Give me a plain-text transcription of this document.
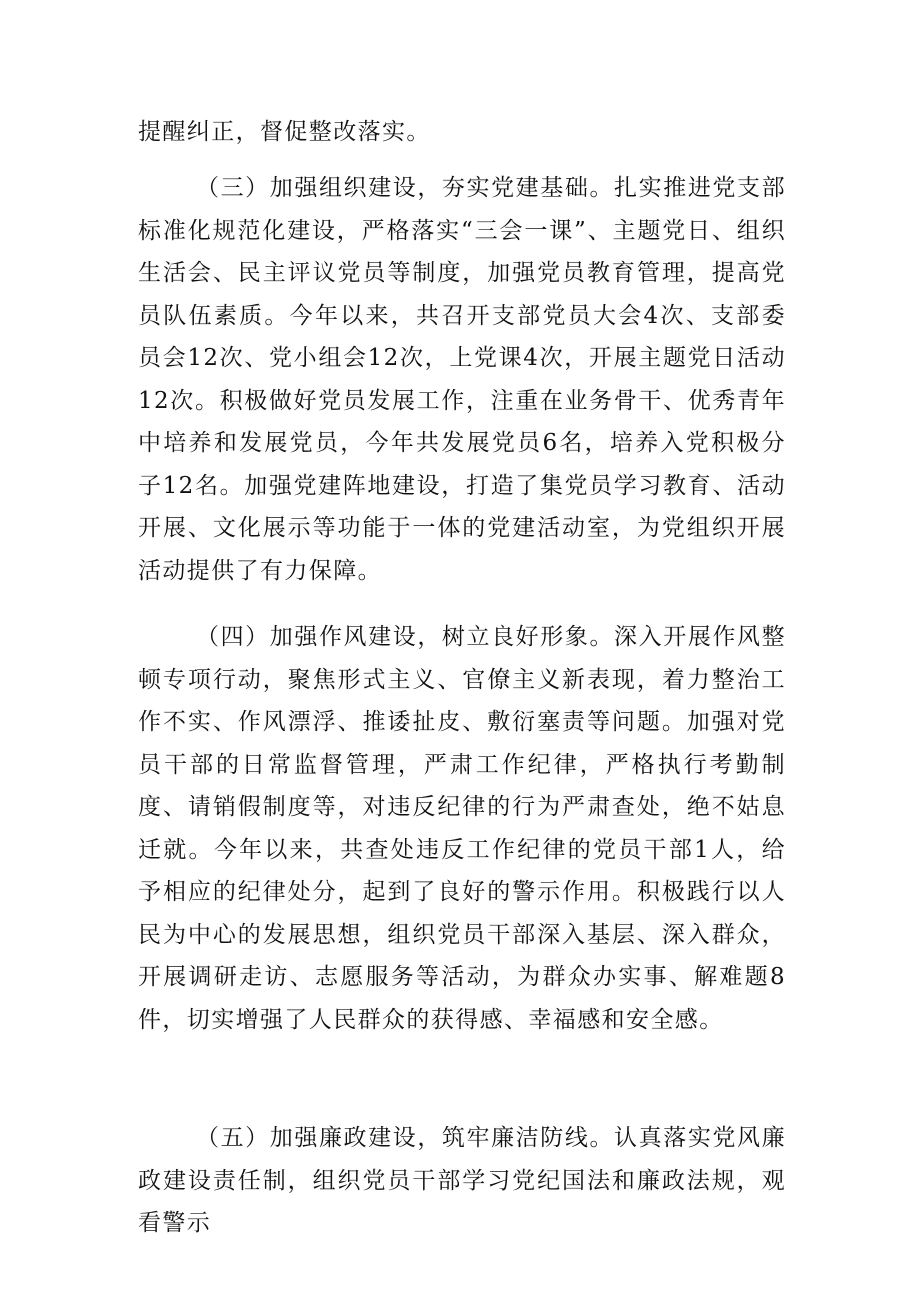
提醒纠正，督促整改落实。

（三）加强组织建设，夯实党建基础。扎实推进党支部标准化规范化建设，严格落实“三会一课”、主题党日、组织生活会、民主评议党员等制度，加强党员教育管理，提高党员队伍素质。今年以来，共召开支部党员大会4次、支部委员会12次、党小组会12次，上党课4次，开展主题党日活动12次。积极做好党员发展工作，注重在业务骨干、优秀青年中培养和发展党员，今年共发展党员6名，培养入党积极分子12名。加强党建阵地建设，打造了集党员学习教育、活动开展、文化展示等功能于一体的党建活动室，为党组织开展活动提供了有力保障。

（四）加强作风建设，树立良好形象。深入开展作风整顿专项行动，聚焦形式主义、官僚主义新表现，着力整治工作不实、作风漂浮、推诿扯皮、敷衍塞责等问题。加强对党员干部的日常监督管理，严肃工作纪律，严格执行考勤制度、请销假制度等，对违反纪律的行为严肃查处，绝不姑息迁就。今年以来，共查处违反工作纪律的党员干部1人，给予相应的纪律处分，起到了良好的警示作用。积极践行以人民为中心的发展思想，组织党员干部深入基层、深入群众，开展调研走访、志愿服务等活动，为群众办实事、解难题8件，切实增强了人民群众的获得感、幸福感和安全感。

（五）加强廉政建设，筑牢廉洁防线。认真落实党风廉政建设责任制，组织党员干部学习党纪国法和廉政法规，观看警示
